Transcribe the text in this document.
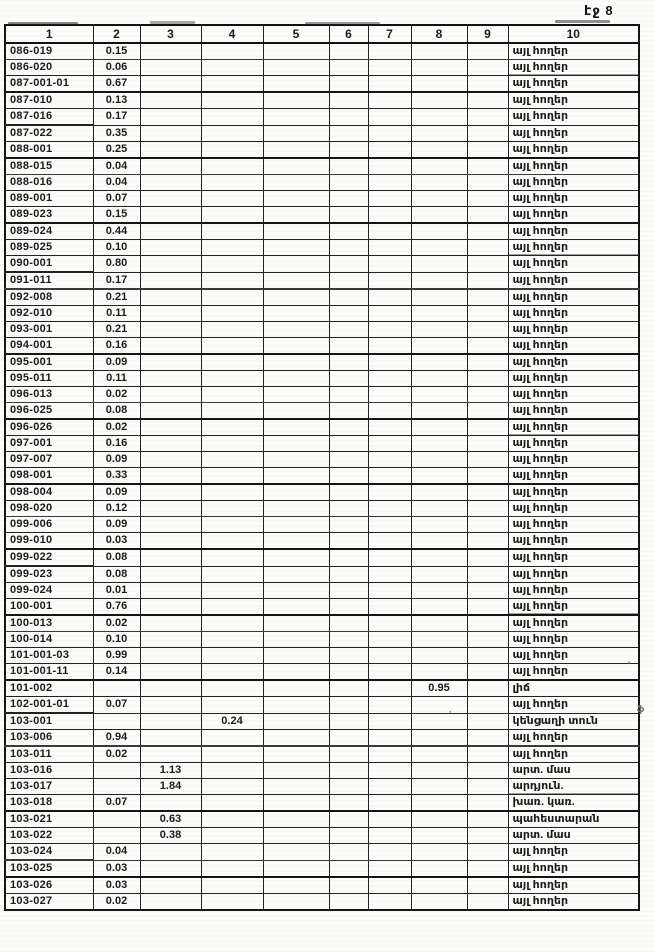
էջ 8
1	2	3	4	5	6	7	8	9	10
086-019	0.15								այլ հողեր
086-020	0.06								այլ հողեր
087-001-01	0.67								այլ հողեր
087-010	0.13								այլ հողեր
087-016	0.17								այլ հողեր
087-022	0.35								այլ հողեր
088-001	0.25								այլ հողեր
088-015	0.04								այլ հողեր
088-016	0.04								այլ հողեր
089-001	0.07								այլ հողեր
089-023	0.15								այլ հողեր
089-024	0.44								այլ հողեր
089-025	0.10								այլ հողեր
090-001	0.80								այլ հողեր
091-011	0.17								այլ հողեր
092-008	0.21								այլ հողեր
092-010	0.11								այլ հողեր
093-001	0.21								այլ հողեր
094-001	0.16								այլ հողեր
095-001	0.09								այլ հողեր
095-011	0.11								այլ հողեր
096-013	0.02								այլ հողեր
096-025	0.08								այլ հողեր
096-026	0.02								այլ հողեր
097-001	0.16								այլ հողեր
097-007	0.09								այլ հողեր
098-001	0.33								այլ հողեր
098-004	0.09								այլ հողեր
098-020	0.12								այլ հողեր
099-006	0.09								այլ հողեր
099-010	0.03								այլ հողեր
099-022	0.08								այլ հողեր
099-023	0.08								այլ հողեր
099-024	0.01								այլ հողեր
100-001	0.76								այլ հողեր
100-013	0.02								այլ հողեր
100-014	0.10								այլ հողեր
101-001-03	0.99								այլ հողեր
101-001-11	0.14								այլ հողեր
101-002							0.95		լիճ
102-001-01	0.07								այլ հողեր
103-001			0.24						կենցաղի տուն
103-006	0.94								այլ հողեր
103-011	0.02								այլ հողեր
103-016		1.13							արտ. մաս
103-017		1.84							արդյուն.
103-018	0.07								խառ. կառ.
103-021		0.63							պահեստարան
103-022		0.38							արտ. մաս
103-024	0.04								այլ հողեր
103-025	0.03								այլ հողեր
103-026	0.03								այլ հողեր
103-027	0.02								այլ հողեր
ֆ
'
·
